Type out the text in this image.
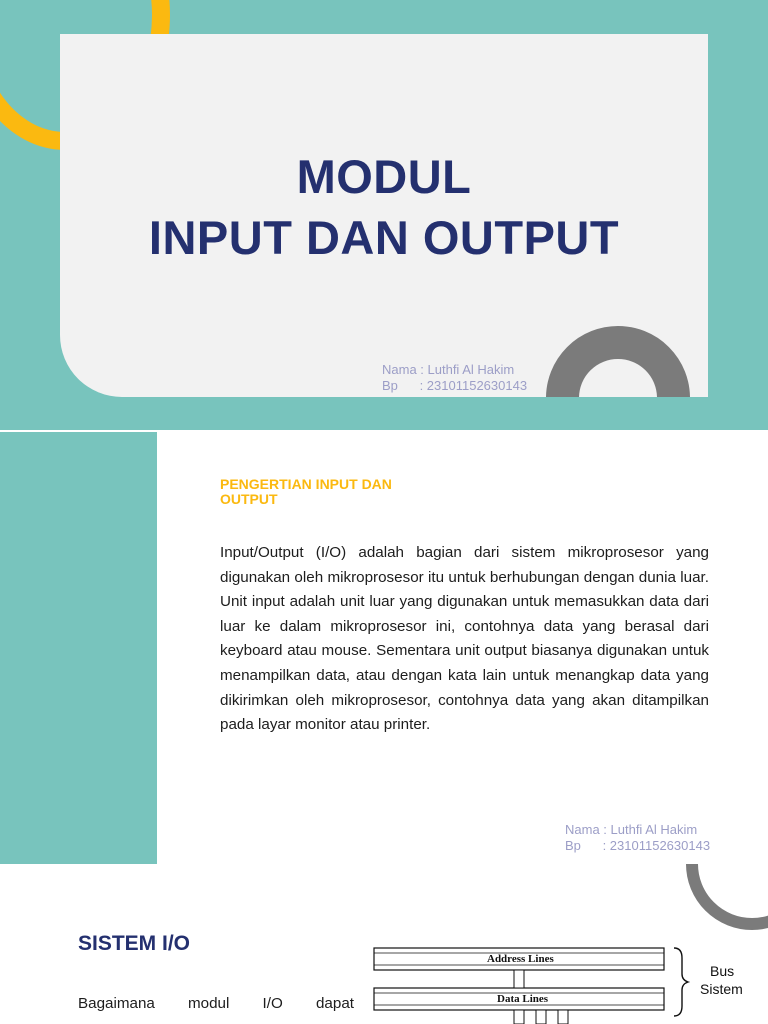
MODUL
INPUT DAN OUTPUT
Nama : Luthfi Al Hakim
Bp      : 23101152630143
PENGERTIAN INPUT DAN OUTPUT
Input/Output (I/O) adalah bagian dari sistem mikroprosesor yang digunakan oleh mikroprosesor itu untuk berhubungan dengan dunia luar. Unit input adalah unit luar yang digunakan untuk memasukkan data dari luar ke dalam mikroprosesor ini, contohnya data yang berasal dari keyboard atau mouse. Sementara unit output biasanya digunakan untuk menampilkan data, atau dengan kata lain untuk menangkap data yang dikirimkan oleh mikroprosesor, contohnya data yang akan ditampilkan pada layar monitor atau printer.
Nama : Luthfi Al Hakim
Bp      : 23101152630143
SISTEM I/O
Bagaimana modul I/O dapat
Address Lines
Data Lines
Bus
Sistem
